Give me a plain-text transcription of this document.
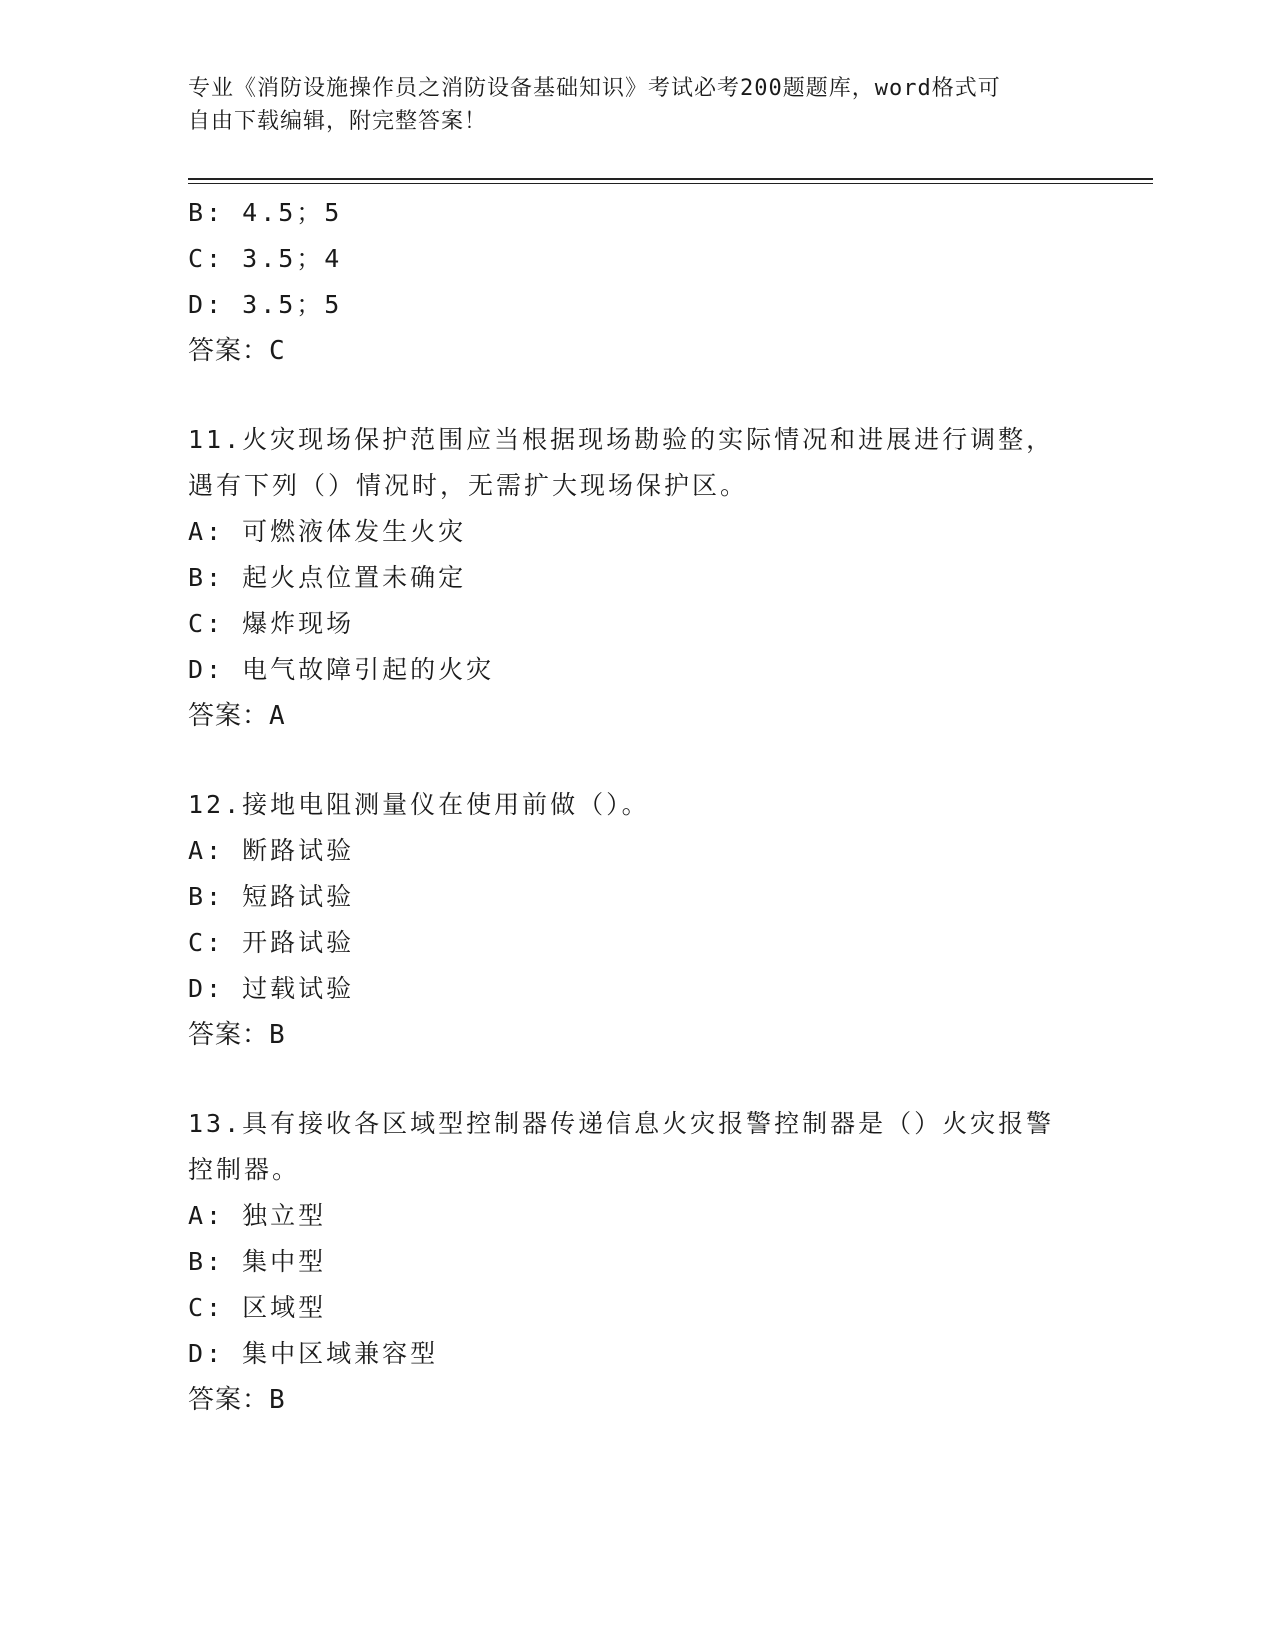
专业《消防设施操作员之消防设备基础知识》考试必考200题题库，word格式可
自由下载编辑，附完整答案！
B: 4.5；5
C: 3.5；4
D: 3.5；5
答案：C
11.火灾现场保护范围应当根据现场勘验的实际情况和进展进行调整，
遇有下列（）情况时，无需扩大现场保护区。
A: 可燃液体发生火灾
B: 起火点位置未确定
C: 爆炸现场
D: 电气故障引起的火灾
答案：A
12.接地电阻测量仪在使用前做（）。
A: 断路试验
B: 短路试验
C: 开路试验
D: 过载试验
答案：B
13.具有接收各区域型控制器传递信息火灾报警控制器是（）火灾报警
控制器。
A: 独立型
B: 集中型
C: 区域型
D: 集中区域兼容型
答案：B
